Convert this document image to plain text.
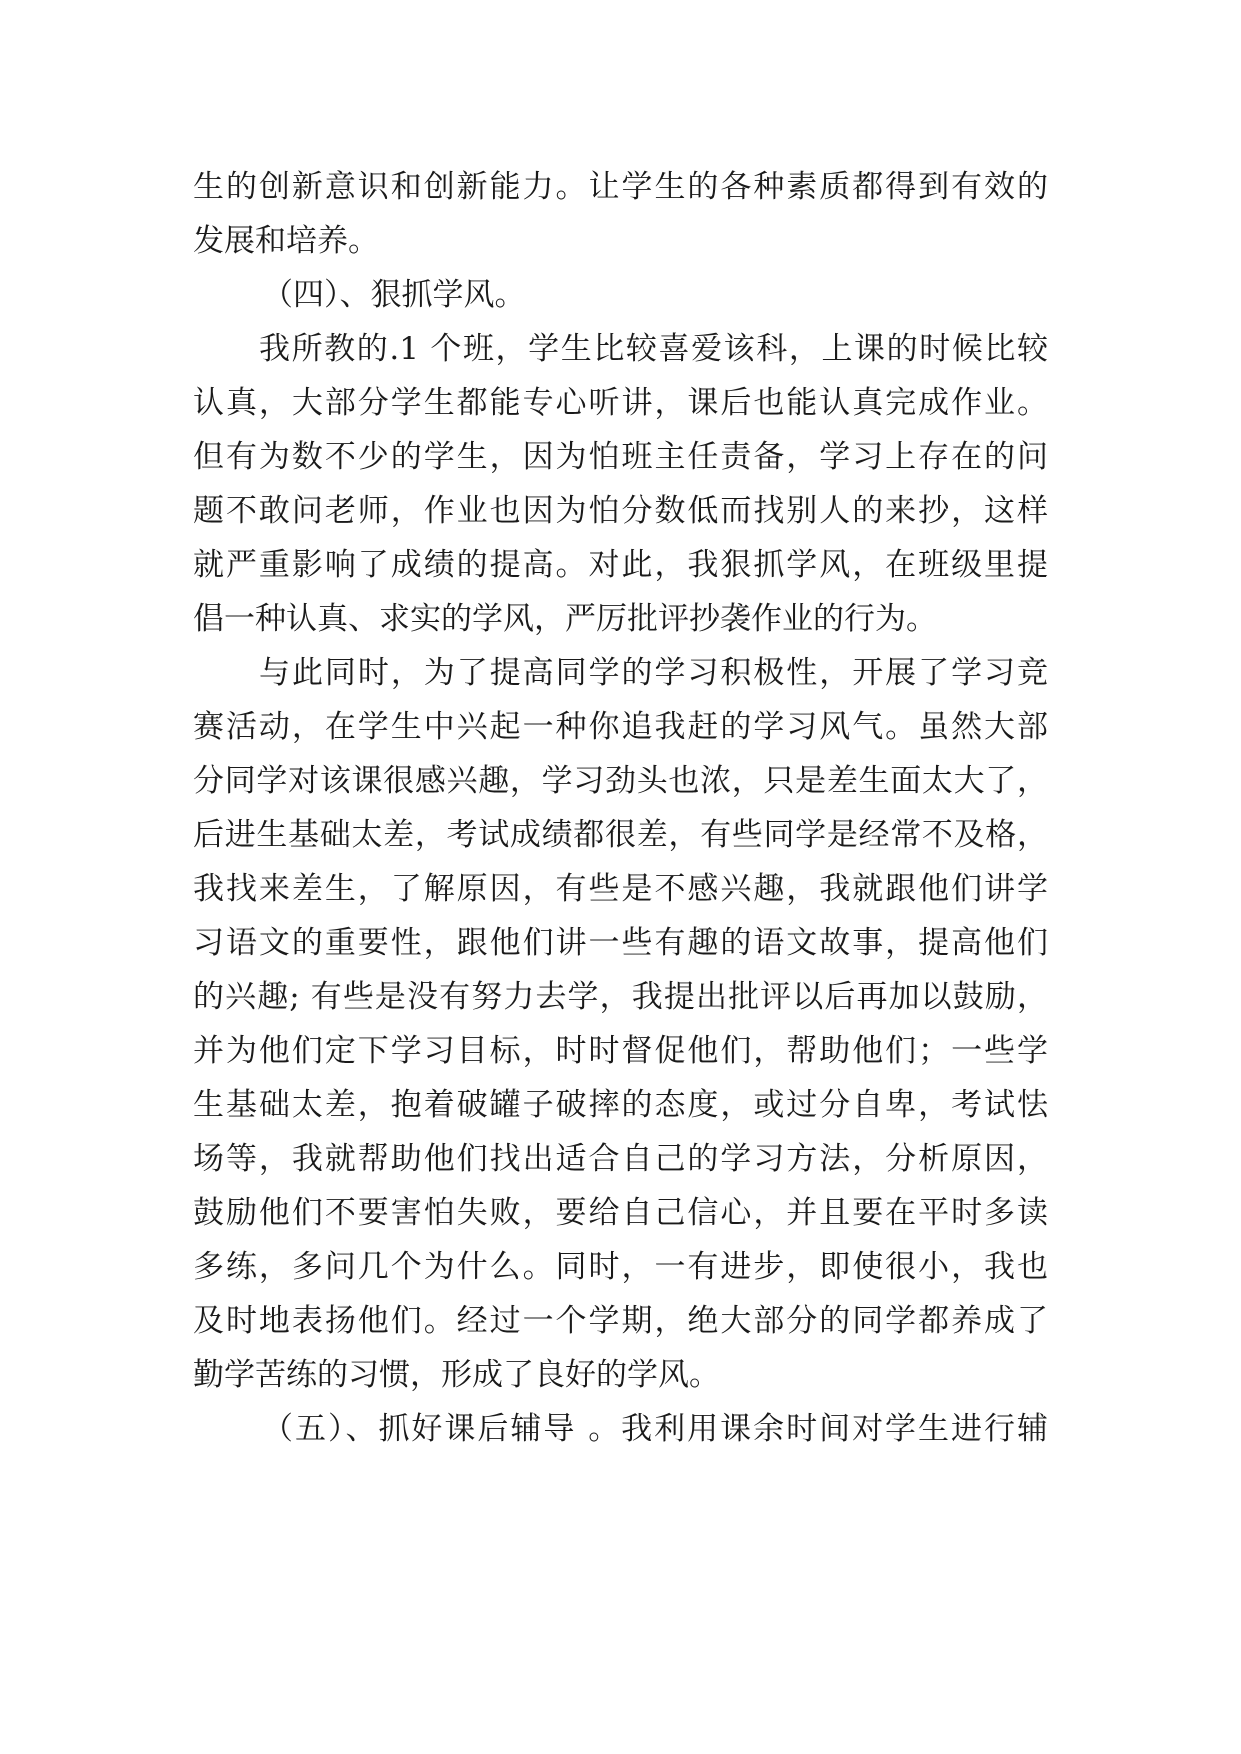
生的创新意识和创新能力。让学生的各种素质都得到有效的
发展和培养。
（四）、狠抓学风。
我所教的.1 个班，学生比较喜爱该科，上课的时候比较
认真，大部分学生都能专心听讲，课后也能认真完成作业。
但有为数不少的学生，因为怕班主任责备，学习上存在的问
题不敢问老师，作业也因为怕分数低而找别人的来抄，这样
就严重影响了成绩的提高。对此，我狠抓学风，在班级里提
倡一种认真、求实的学风，严厉批评抄袭作业的行为。
与此同时，为了提高同学的学习积极性，开展了学习竞
赛活动，在学生中兴起一种你追我赶的学习风气。虽然大部
分同学对该课很感兴趣，学习劲头也浓，只是差生面太大了，
后进生基础太差，考试成绩都很差，有些同学是经常不及格，
我找来差生，了解原因，有些是不感兴趣，我就跟他们讲学
习语文的重要性，跟他们讲一些有趣的语文故事，提高他们
的兴趣; 有些是没有努力去学，我提出批评以后再加以鼓励，
并为他们定下学习目标，时时督促他们，帮助他们；一些学
生基础太差，抱着破罐子破摔的态度，或过分自卑，考试怯
场等，我就帮助他们找出适合自己的学习方法，分析原因，
鼓励他们不要害怕失败，要给自己信心，并且要在平时多读
多练，多问几个为什么。同时，一有进步，即使很小，我也
及时地表扬他们。经过一个学期，绝大部分的同学都养成了
勤学苦练的习惯，形成了良好的学风。
（五）、抓好课后辅导 。我利用课余时间对学生进行辅
